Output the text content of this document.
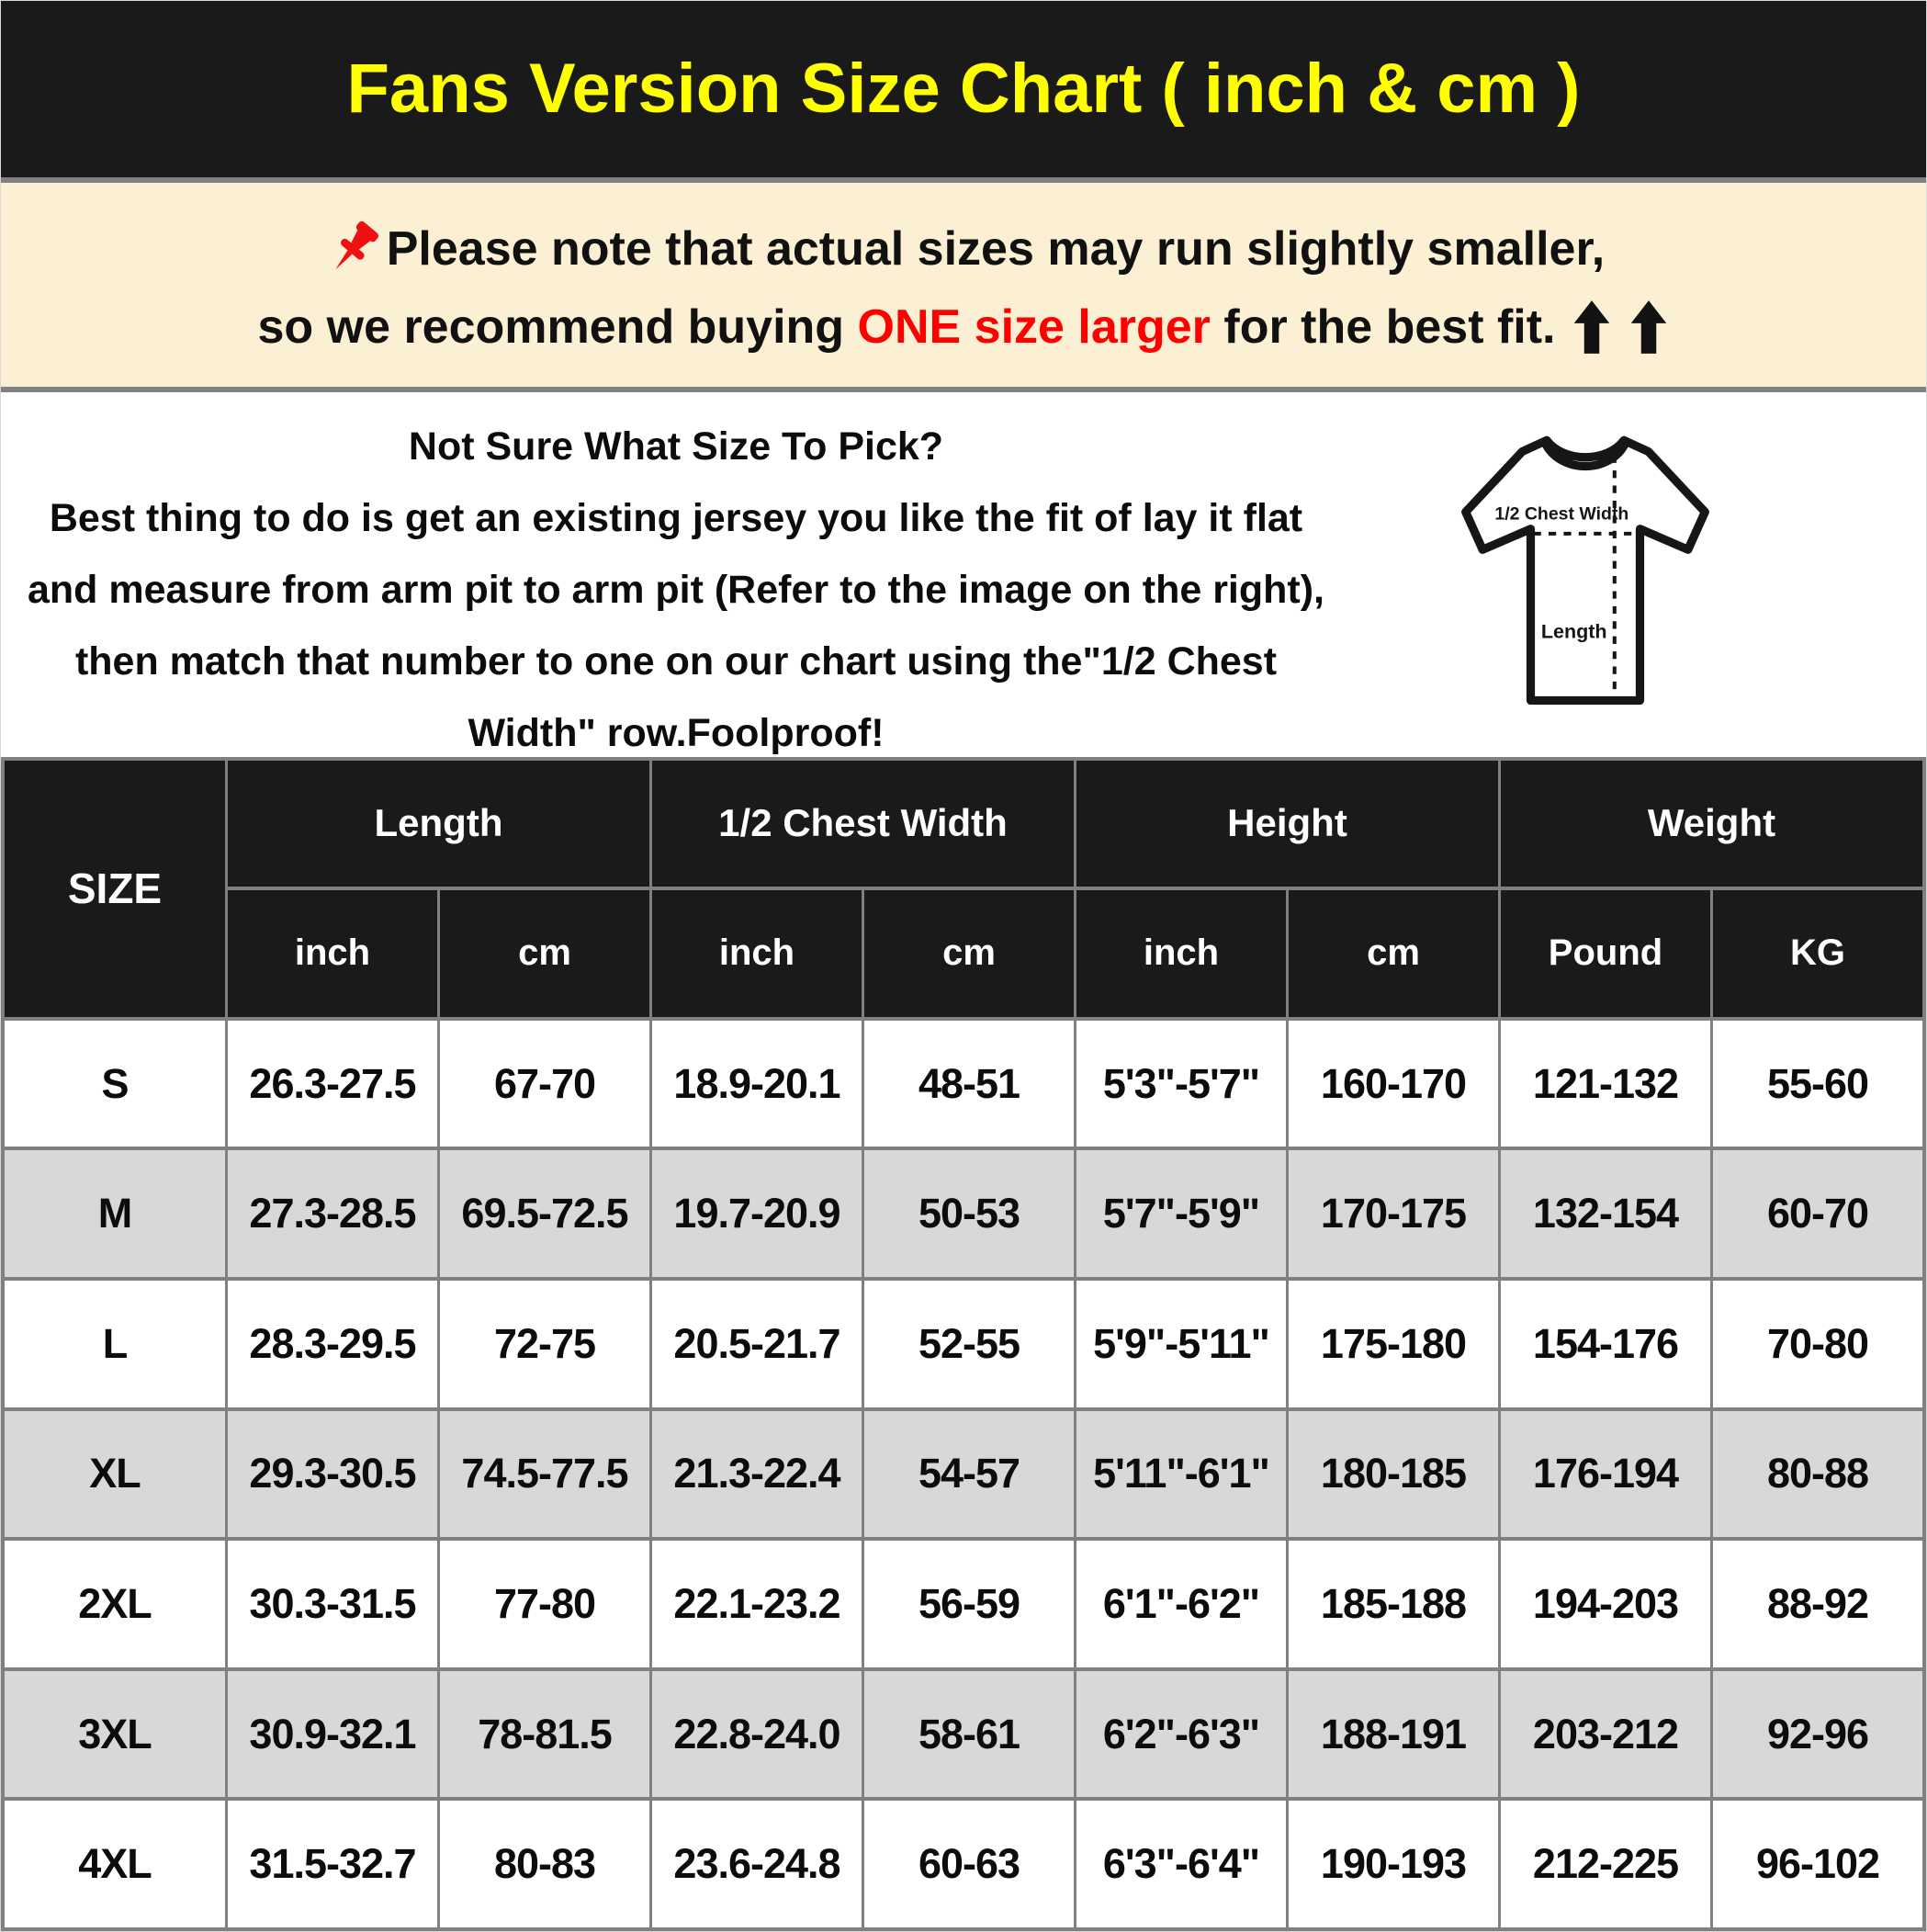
Fans Version Size Chart ( inch & cm )
Please note that actual sizes may run slightly smaller,
so we recommend buying ONE size larger for the best fit.
Not Sure What Size To Pick?
Best thing to do is get an existing jersey you like the fit of lay it flat
and measure from arm pit to arm pit (Refer to the image on the right),
then match that number to one on our chart using the"1/2 Chest
Width" row.Foolproof!
1/2 Chest Width
Length
SIZE
Length	1/2 Chest Width	Height	Weight
inch	cm	inch	cm	inch	cm	Pound	KG
S	26.3-27.5	67-70	18.9-20.1	48-51	5'3"-5'7"	160-170	121-132	55-60
M	27.3-28.5	69.5-72.5	19.7-20.9	50-53	5'7"-5'9"	170-175	132-154	60-70
L	28.3-29.5	72-75	20.5-21.7	52-55	5'9"-5'11"	175-180	154-176	70-80
XL	29.3-30.5	74.5-77.5	21.3-22.4	54-57	5'11"-6'1"	180-185	176-194	80-88
2XL	30.3-31.5	77-80	22.1-23.2	56-59	6'1"-6'2"	185-188	194-203	88-92
3XL	30.9-32.1	78-81.5	22.8-24.0	58-61	6'2"-6'3"	188-191	203-212	92-96
4XL	31.5-32.7	80-83	23.6-24.8	60-63	6'3"-6'4"	190-193	212-225	96-102
